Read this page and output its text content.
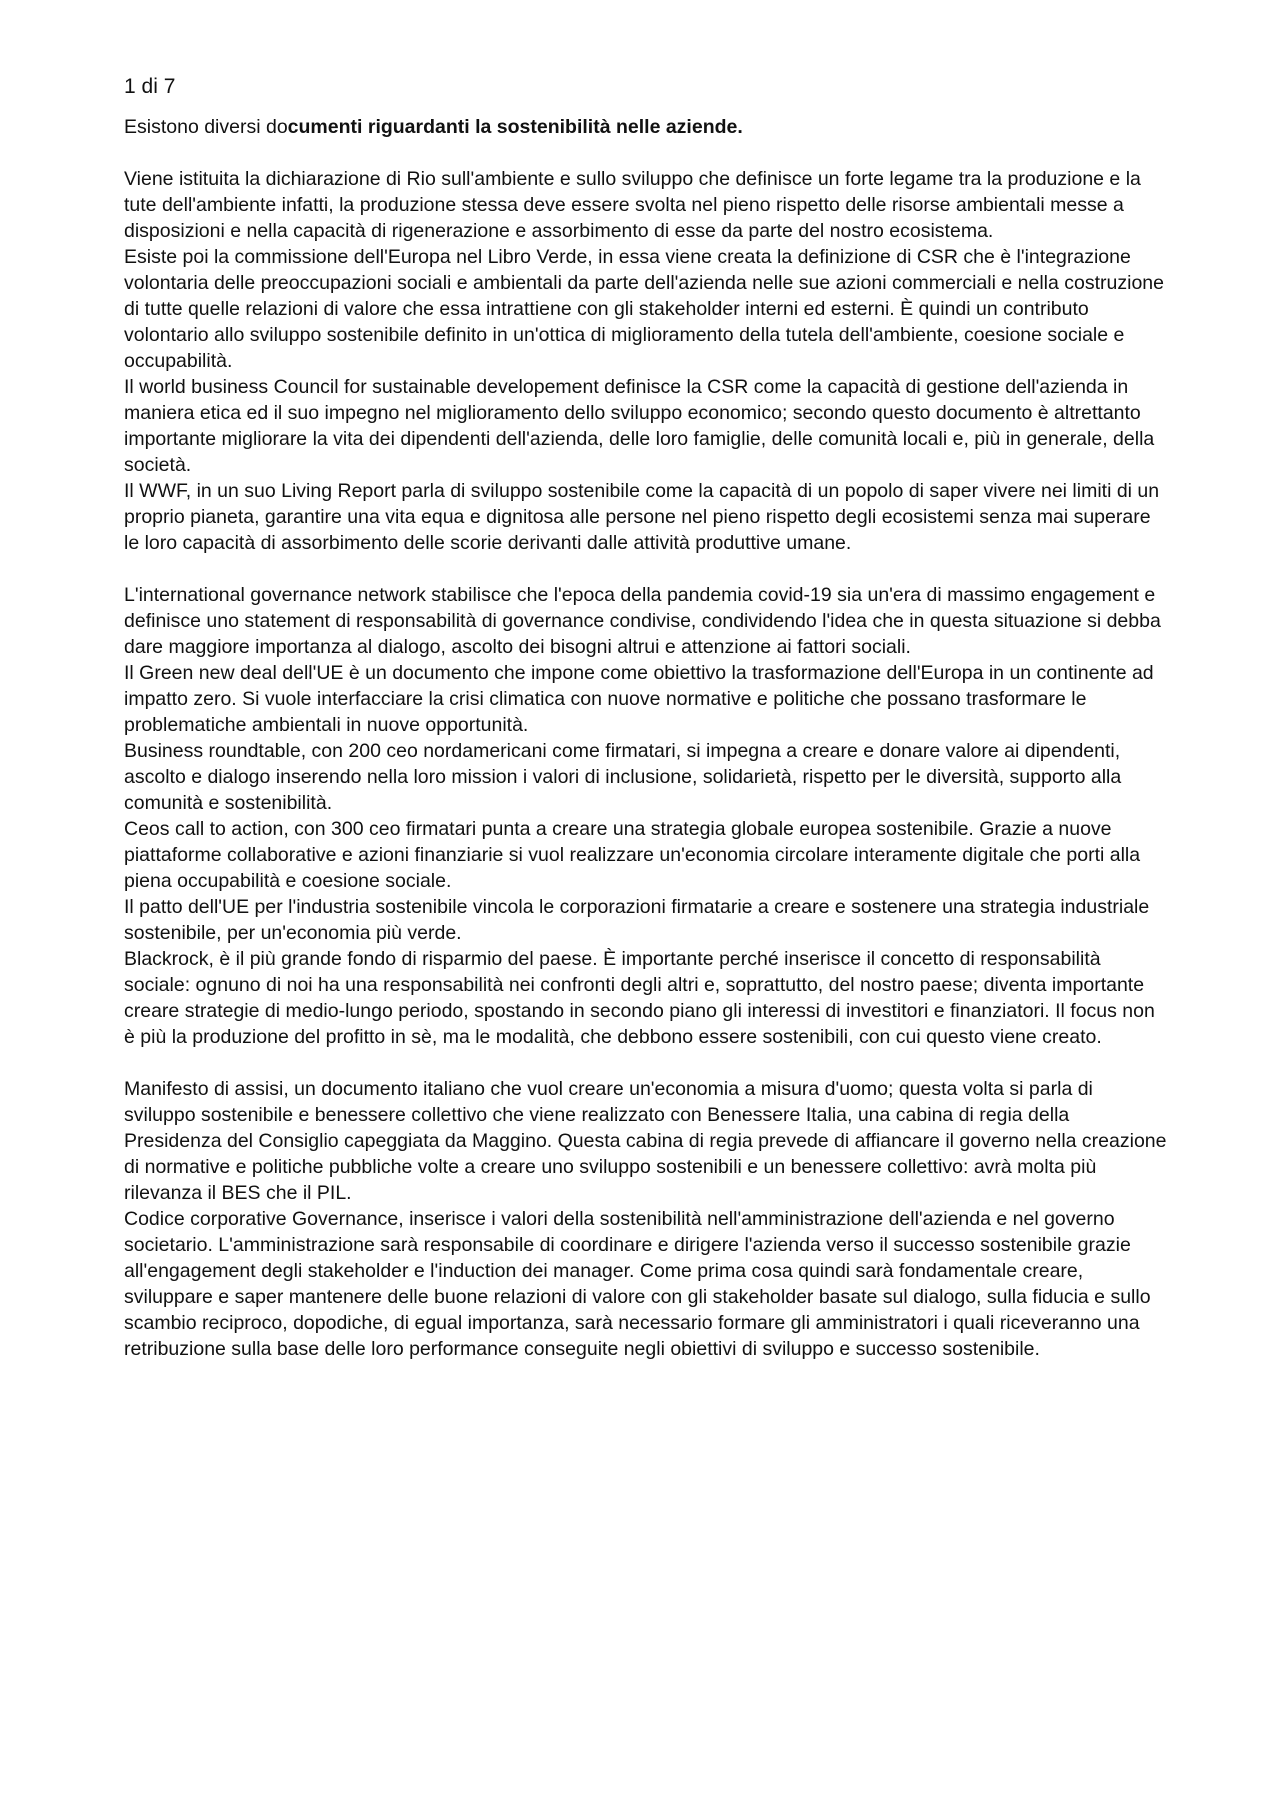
1 di 7

Esistono diversi documenti riguardanti la sostenibilità nelle aziende.

Viene istituita la dichiarazione di Rio sull'ambiente e sullo sviluppo che definisce un forte legame tra la produzione e la tute dell'ambiente infatti, la produzione stessa deve essere svolta nel pieno rispetto delle risorse ambientali messe a disposizioni e nella capacità di rigenerazione e assorbimento di esse da parte del nostro ecosistema.

Esiste poi la commissione dell'Europa nel Libro Verde, in essa viene creata la definizione di CSR che è l'integrazione volontaria delle preoccupazioni sociali e ambientali da parte dell'azienda nelle sue azioni commerciali e nella costruzione di tutte quelle relazioni di valore che essa intrattiene con gli stakeholder interni ed esterni. È quindi un contributo volontario allo sviluppo sostenibile definito in un'ottica di miglioramento della tutela dell'ambiente, coesione sociale e occupabilità.

Il world business Council for sustainable developement definisce la CSR come la capacità di gestione dell'azienda in maniera etica ed il suo impegno nel miglioramento dello sviluppo economico; secondo questo documento è altrettanto importante migliorare la vita dei dipendenti dell'azienda, delle loro famiglie, delle comunità locali e, più in generale, della società.

Il WWF, in un suo Living Report parla di sviluppo sostenibile come la capacità di un popolo di saper vivere nei limiti di un proprio pianeta, garantire una vita equa e dignitosa alle persone nel pieno rispetto degli ecosistemi senza mai superare le loro capacità di assorbimento delle scorie derivanti dalle attività produttive umane.

L'international governance network stabilisce che l'epoca della pandemia covid-19 sia un'era di massimo engagement e definisce uno statement di responsabilità di governance condivise, condividendo l'idea che in questa situazione si debba dare maggiore importanza al dialogo, ascolto dei bisogni altrui e attenzione ai fattori sociali.

Il Green new deal dell'UE è un documento che impone come obiettivo la trasformazione dell'Europa in un continente ad impatto zero. Si vuole interfacciare la crisi climatica con nuove normative e politiche che possano trasformare le problematiche ambientali in nuove opportunità.

Business roundtable, con 200 ceo nordamericani come firmatari, si impegna a creare e donare valore ai dipendenti, ascolto e dialogo inserendo nella loro mission i valori di inclusione, solidarietà, rispetto per le diversità, supporto alla comunità e sostenibilità.

Ceos call to action, con 300 ceo firmatari punta a creare una strategia globale europea sostenibile. Grazie a nuove piattaforme collaborative e azioni finanziarie si vuol realizzare un'economia circolare interamente digitale che porti alla piena occupabilità e coesione sociale.

Il patto dell'UE per l'industria sostenibile vincola le corporazioni firmatarie a creare e sostenere una strategia industriale sostenibile, per un'economia più verde.

Blackrock, è il più grande fondo di risparmio del paese. È importante perché inserisce il concetto di responsabilità sociale: ognuno di noi ha una responsabilità nei confronti degli altri e, soprattutto, del nostro paese; diventa importante creare strategie di medio-lungo periodo, spostando in secondo piano gli interessi di investitori e finanziatori. Il focus non è più la produzione del profitto in sè, ma le modalità, che debbono essere sostenibili, con cui questo viene creato.

Manifesto di assisi, un documento italiano che vuol creare un'economia a misura d'uomo; questa volta si parla di sviluppo sostenibile e benessere collettivo che viene realizzato con Benessere Italia, una cabina di regia della Presidenza del Consiglio capeggiata da Maggino. Questa cabina di regia prevede di affiancare il governo nella creazione di normative e politiche pubbliche volte a creare uno sviluppo sostenibili e un benessere collettivo: avrà molta più rilevanza il BES che il PIL.

Codice corporative Governance, inserisce i valori della sostenibilità nell'amministrazione dell'azienda e nel governo societario. L'amministrazione sarà responsabile di coordinare e dirigere l'azienda verso il successo sostenibile grazie all'engagement degli stakeholder e l'induction dei manager. Come prima cosa quindi sarà fondamentale creare, sviluppare e saper mantenere delle buone relazioni di valore con gli stakeholder basate sul dialogo, sulla fiducia e sullo scambio reciproco, dopodiche, di egual importanza, sarà necessario formare gli amministratori i quali riceveranno una retribuzione sulla base delle loro performance conseguite negli obiettivi di sviluppo e successo sostenibile.
